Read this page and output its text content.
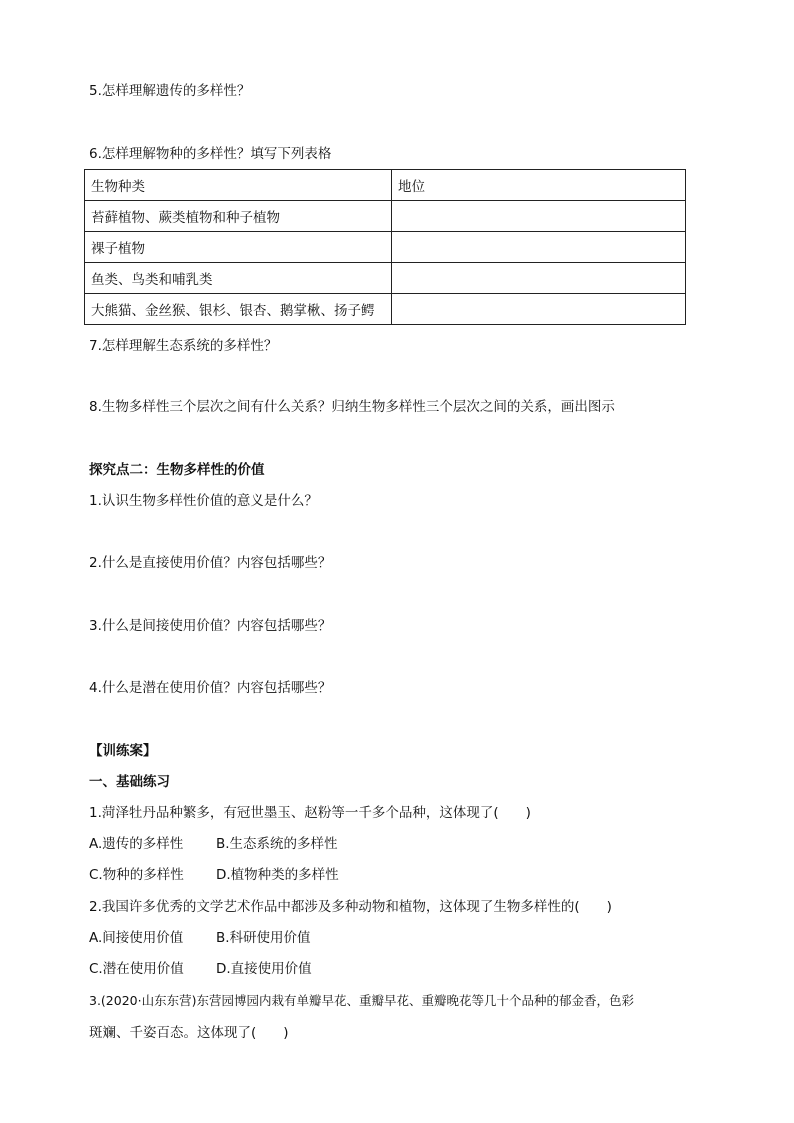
5.怎样理解遗传的多样性？
6.怎样理解物种的多样性？填写下列表格
生物种类	地位
苔藓植物、蕨类植物和种子植物	
裸子植物	
鱼类、鸟类和哺乳类	
大熊猫、金丝猴、银杉、银杏、鹅掌楸、扬子鳄	
7.怎样理解生态系统的多样性？
8.生物多样性三个层次之间有什么关系？归纳生物多样性三个层次之间的关系，画出图示
探究点二：生物多样性的价值
1.认识生物多样性价值的意义是什么？
2.什么是直接使用价值？内容包括哪些？
3.什么是间接使用价值？内容包括哪些？
4.什么是潜在使用价值？内容包括哪些？
【训练案】
一、基础练习
1.菏泽牡丹品种繁多，有冠世墨玉、赵粉等一千多个品种，这体现了(　　)
A.遗传的多样性 B.生态系统的多样性
C.物种的多样性 D.植物种类的多样性
2.我国许多优秀的文学艺术作品中都涉及多种动物和植物，这体现了生物多样性的(　　)
A.间接使用价值 B.科研使用价值
C.潜在使用价值 D.直接使用价值
3.(2020·山东东营)东营园博园内栽有单瓣早花、重瓣早花、重瓣晚花等几十个品种的郁金香，色彩
斑斓、千姿百态。这体现了(　　)
